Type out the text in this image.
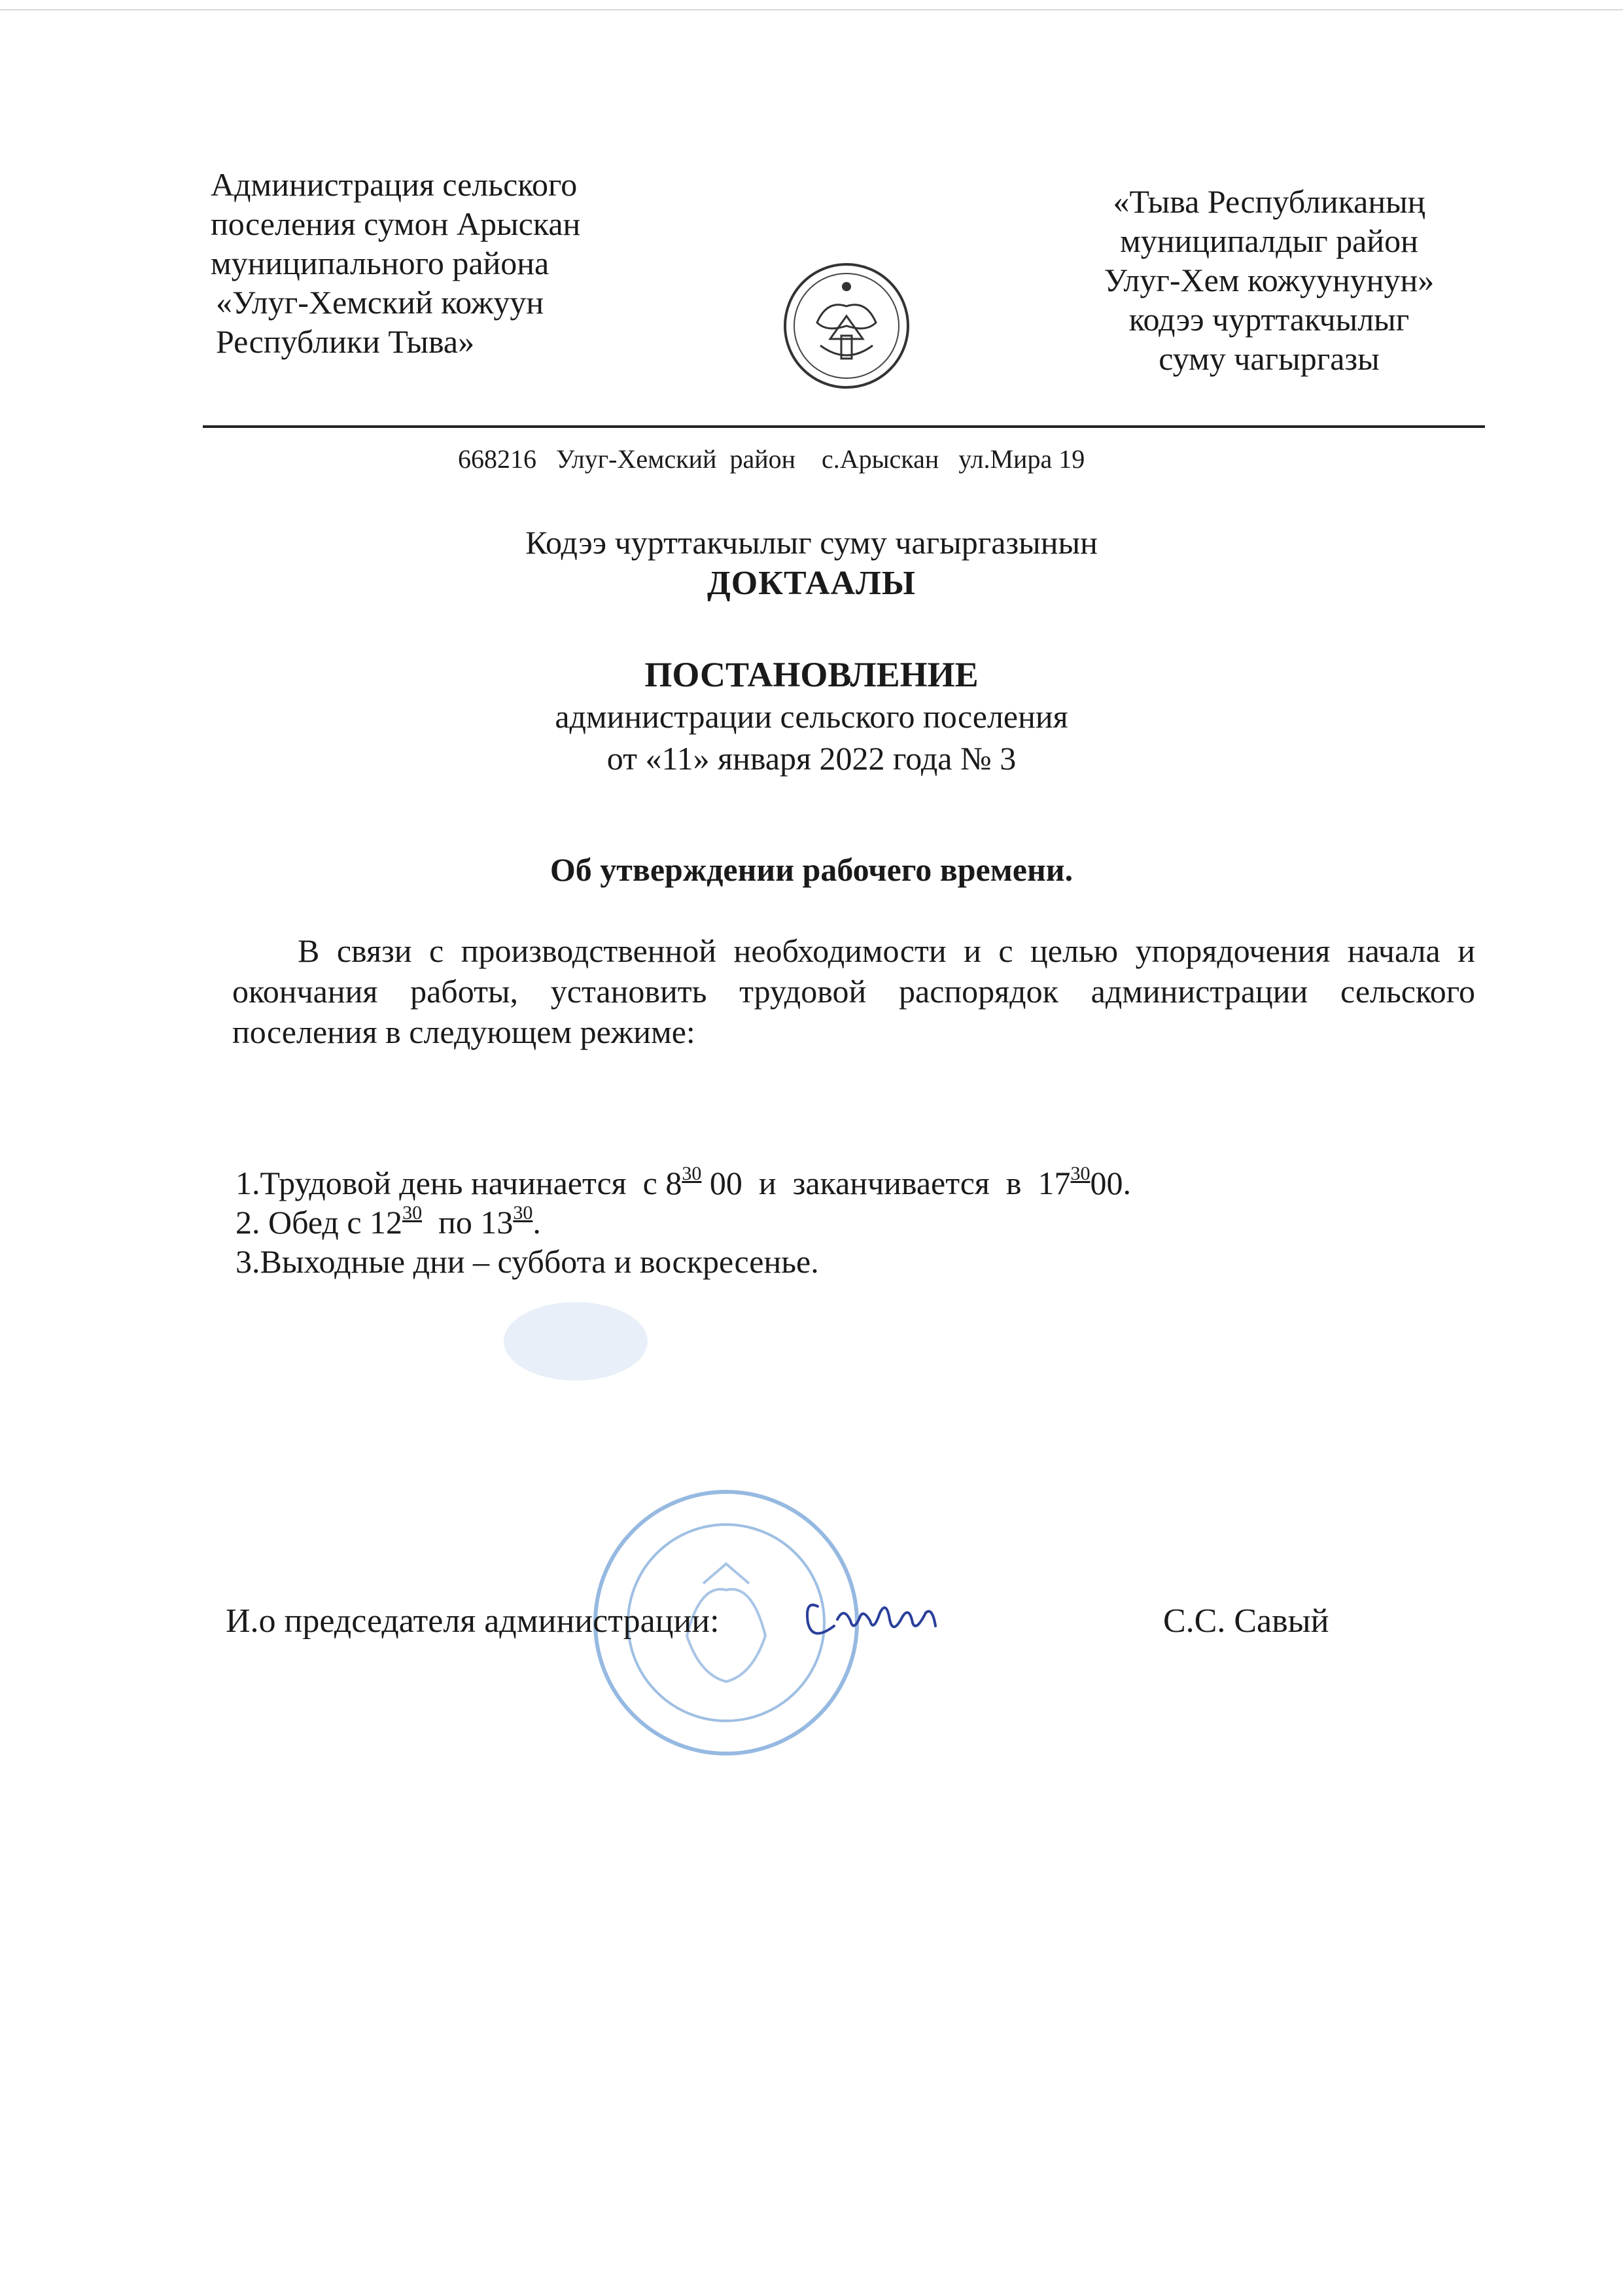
Администрация сельского
поселения сумон Арыскан
муниципального района
«Улуг-Хемский кожуун
Республики Тыва»
«Тыва Республиканың
муниципалдыг район
Улуг-Хем кожуунунун»
кодээ чурттакчылыг
суму чагыргазы
668216   Улуг-Хемский  район    с.Арыскан   ул.Мира 19
Кодээ чурттакчылыг суму чагыргазынын
ДОКТААЛЫ
ПОСТАНОВЛЕНИЕ
администрации сельского поселения
от «11» января 2022 года № 3
Об утверждении рабочего времени.
В связи с производственной необходимости и с целью упорядочения начала и окончания работы, установить трудовой распорядок администрации сельского поселения в следующем режиме:
1.Трудовой день начинается  с $8^{30}$ 00  и  заканчивается  в  $17^{30}00$.
2. Обед с $12^{30}$  по $13^{30}$.
3.Выходные дни – суббота и воскресенье.
И.о председателя администрации:	С.С. Савый
